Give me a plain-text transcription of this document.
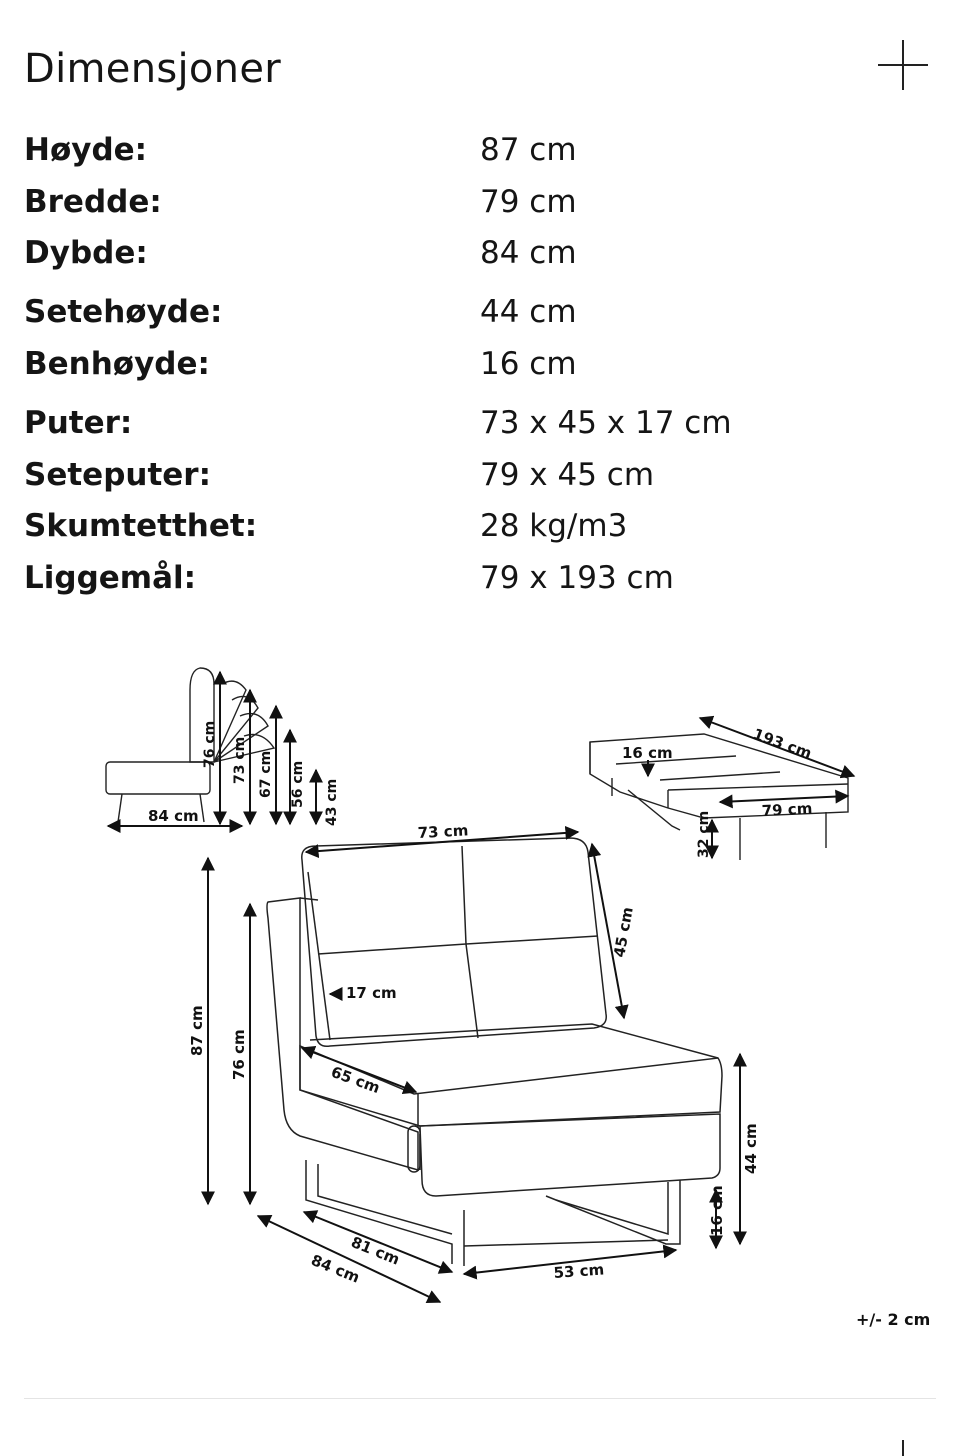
Dimensjoner
Høyde:	87 cm
Bredde:	79 cm
Dybde:	84 cm
Setehøyde:	44 cm
Benhøyde:	16 cm
Puter:	73 x 45 x 17 cm
Seteputer:	79 x 45 cm
Skumtetthet:	28 kg/m3
Liggemål:	79 x 193 cm
84 cm
76 cm 73 cm 67 cm 56 cm 43 cm
193 cm
16 cm
79 cm
32 cm
73 cm
45 cm
17 cm
87 cm 76 cm	65 cm
81 cm
84 cm	53 cm
16 cm
44 cm
+/- 2 cm
